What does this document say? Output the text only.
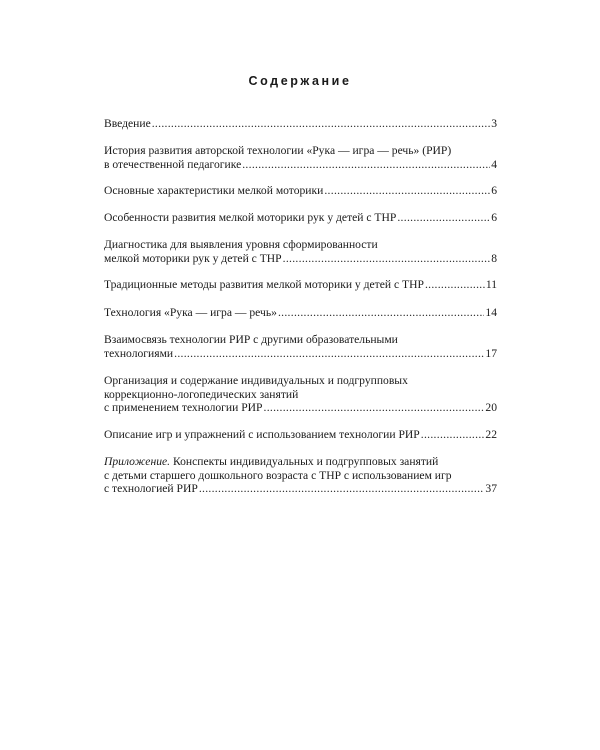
Содержание
Введение .....	3
История развития авторской технологии «Рука — игра — речь» (РИР)
в отечественной педагогике .....	4
Основные характеристики мелкой моторики .....	6
Особенности развития мелкой моторики рук у детей с ТНР .....	6
Диагностика для выявления уровня сформированности
мелкой моторики рук у детей с ТНР .....	8
Традиционные методы развития мелкой моторики у детей с ТНР .....	11
Технология «Рука — игра — речь» .....	14
Взаимосвязь технологии РИР с другими образовательными
технологиями .....	17
Организация и содержание индивидуальных и подгрупповых
коррекционно-логопедических занятий
с применением технологии РИР .....	20
Описание игр и упражнений с использованием технологии РИР .....	22
Приложение. Конспекты индивидуальных и подгрупповых занятий
с детьми старшего дошкольного возраста с ТНР с использованием игр
с технологией РИР .....	37
